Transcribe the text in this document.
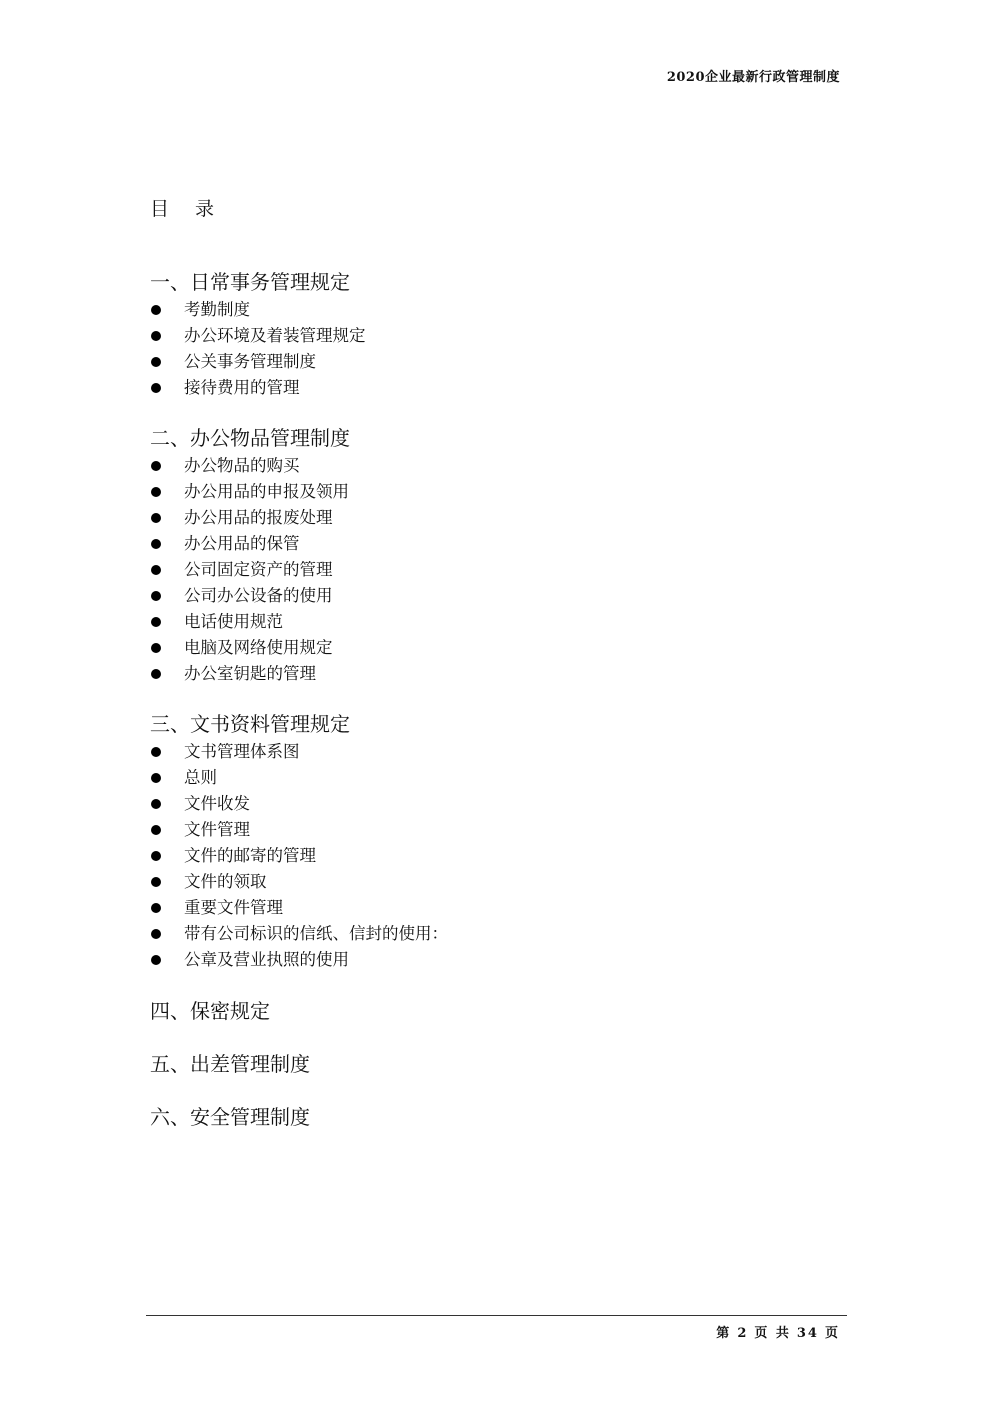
2020企业最新行政管理制度
目 录
一、日常事务管理规定
考勤制度
办公环境及着装管理规定
公关事务管理制度
接待费用的管理
二、办公物品管理制度
办公物品的购买
办公用品的申报及领用
办公用品的报废处理
办公用品的保管
公司固定资产的管理
公司办公设备的使用
电话使用规范
电脑及网络使用规定
办公室钥匙的管理
三、文书资料管理规定
文书管理体系图
总则
文件收发
文件管理
文件的邮寄的管理
文件的领取
重要文件管理
带有公司标识的信纸、信封的使用：
公章及营业执照的使用
四、保密规定
五、出差管理制度
六、安全管理制度
第 2 页 共 34 页
